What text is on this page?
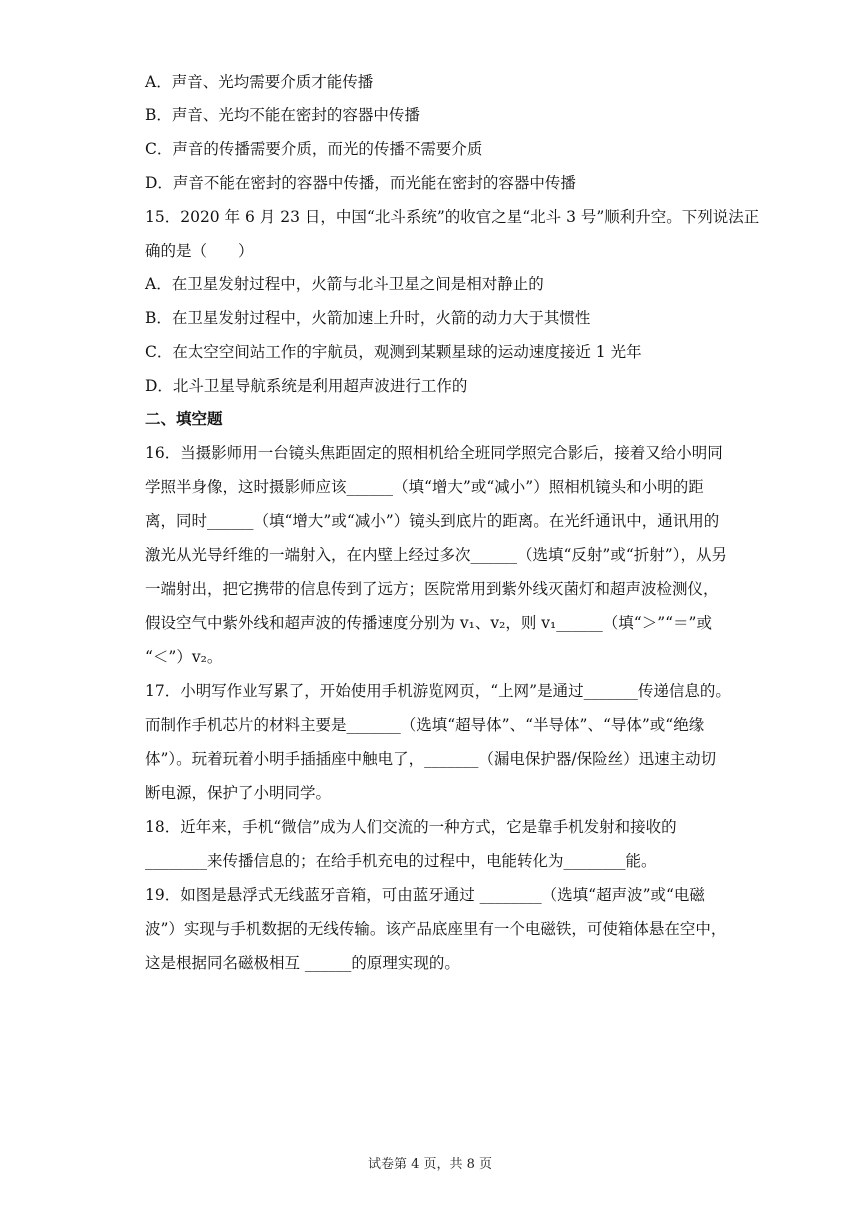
A．声音、光均需要介质才能传播
B．声音、光均不能在密封的容器中传播
C．声音的传播需要介质，而光的传播不需要介质
D．声音不能在密封的容器中传播，而光能在密封的容器中传播
15．2020 年 6 月 23 日，中国“北斗系统”的收官之星“北斗 3 号”顺利升空。下列说法正
确的是（　　）
A．在卫星发射过程中，火箭与北斗卫星之间是相对静止的
B．在卫星发射过程中，火箭加速上升时，火箭的动力大于其惯性
C．在太空空间站工作的宇航员，观测到某颗星球的运动速度接近 1 光年
D．北斗卫星导航系统是利用超声波进行工作的
二、填空题
16．当摄影师用一台镜头焦距固定的照相机给全班同学照完合影后，接着又给小明同
学照半身像，这时摄影师应该______（填“增大”或“减小”）照相机镜头和小明的距
离，同时______（填“增大”或“减小”）镜头到底片的距离。在光纤通讯中，通讯用的
激光从光导纤维的一端射入，在内壁上经过多次______（选填“反射”或“折射”），从另
一端射出，把它携带的信息传到了远方；医院常用到紫外线灭菌灯和超声波检测仪，
假设空气中紫外线和超声波的传播速度分别为 v₁、v₂，则 v₁______（填“＞”“＝”或
“＜”）v₂。
17．小明写作业写累了，开始使用手机游览网页，“上网”是通过_______传递信息的。
而制作手机芯片的材料主要是_______（选填“超导体”、“半导体”、“导体”或“绝缘
体”）。玩着玩着小明手插插座中触电了，_______（漏电保护器/保险丝）迅速主动切
断电源，保护了小明同学。
18．近年来，手机“微信”成为人们交流的一种方式，它是靠手机发射和接收的
________来传播信息的；在给手机充电的过程中，电能转化为________能。
19．如图是悬浮式无线蓝牙音箱，可由蓝牙通过 ________（选填“超声波”或“电磁
波”）实现与手机数据的无线传输。该产品底座里有一个电磁铁，可使箱体悬在空中，
这是根据同名磁极相互 ______的原理实现的。
试卷第 4 页，共 8 页
